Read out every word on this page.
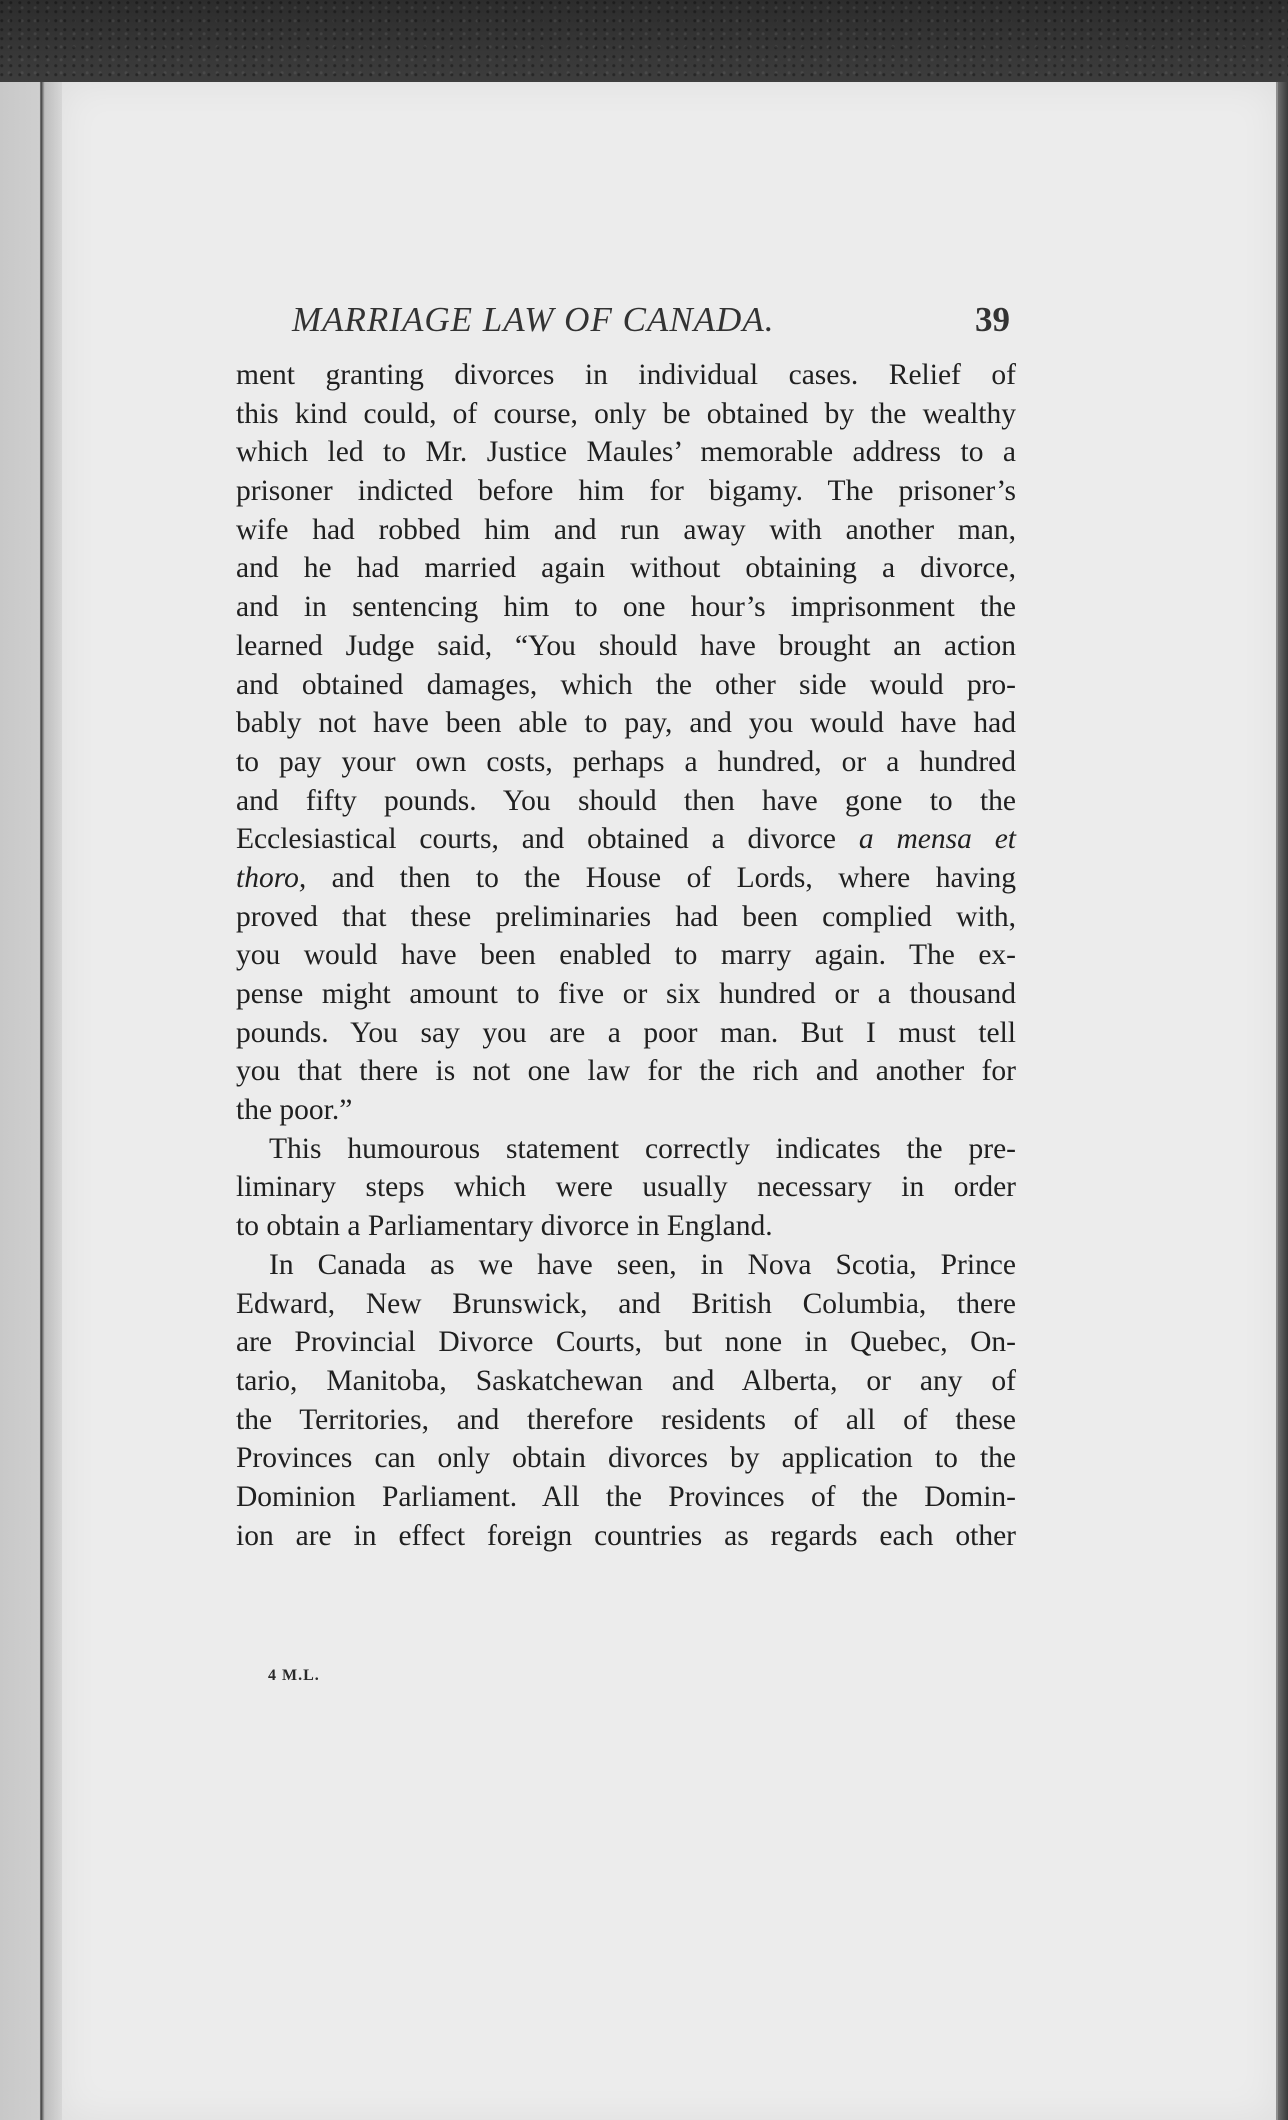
MARRIAGE LAW OF CANADA.	39
ment granting divorces in individual cases. Relief of
this kind could, of course, only be obtained by the wealthy
which led to Mr. Justice Maules’ memorable address to a
prisoner indicted before him for bigamy. The prisoner’s
wife had robbed him and run away with another man,
and he had married again without obtaining a divorce,
and in sentencing him to one hour’s imprisonment the
learned Judge said, “You should have brought an action
and obtained damages, which the other side would pro-
bably not have been able to pay, and you would have had
to pay your own costs, perhaps a hundred, or a hundred
and fifty pounds. You should then have gone to the
Ecclesiastical courts, and obtained a divorce a mensa et
thoro, and then to the House of Lords, where having
proved that these preliminaries had been complied with,
you would have been enabled to marry again. The ex-
pense might amount to five or six hundred or a thousand
pounds. You say you are a poor man. But I must tell
you that there is not one law for the rich and another for
the poor.”
This humourous statement correctly indicates the pre-
liminary steps which were usually necessary in order
to obtain a Parliamentary divorce in England.
In Canada as we have seen, in Nova Scotia, Prince
Edward, New Brunswick, and British Columbia, there
are Provincial Divorce Courts, but none in Quebec, On-
tario, Manitoba, Saskatchewan and Alberta, or any of
the Territories, and therefore residents of all of these
Provinces can only obtain divorces by application to the
Dominion Parliament. All the Provinces of the Domin-
ion are in effect foreign countries as regards each other
4 M.L.
